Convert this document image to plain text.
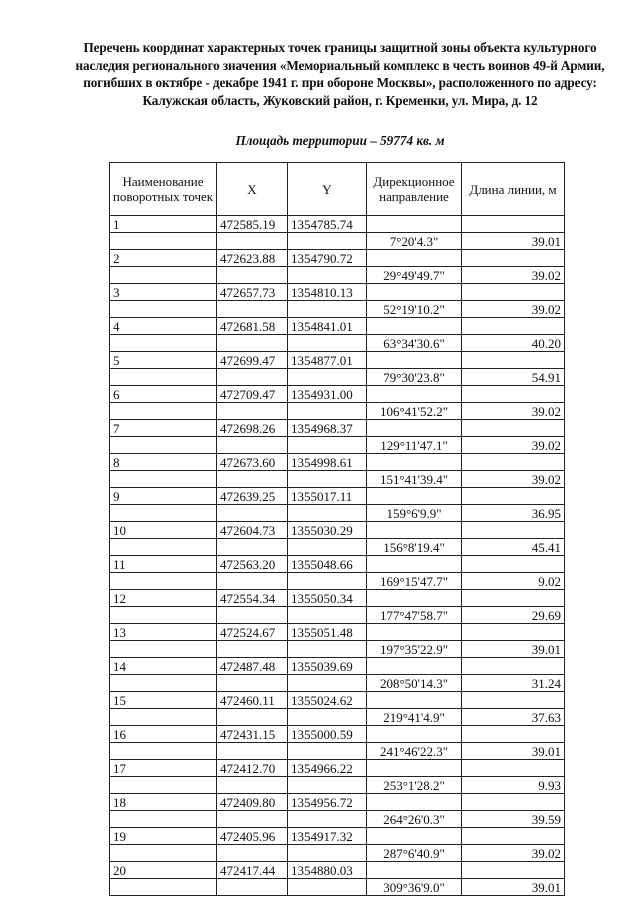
Перечень координат характерных точек границы защитной зоны объекта культурного наследия регионального значения «Мемориальный комплекс в честь воинов 49-й Армии, погибших в октябре - декабре 1941 г. при обороне Москвы», расположенного по адресу: Калужская область, Жуковский район, г. Кременки, ул. Мира, д. 12
Площадь территории – 59774 кв. м
Наименование поворотных точек	X	Y	Дирекционное направление	Длина линии, м
1	472585.19	1354785.74		
			7°20'4.3"	39.01
2	472623.88	1354790.72		
			29°49'49.7"	39.02
3	472657.73	1354810.13		
			52°19'10.2"	39.02
4	472681.58	1354841.01		
			63°34'30.6"	40.20
5	472699.47	1354877.01		
			79°30'23.8"	54.91
6	472709.47	1354931.00		
			106°41'52.2"	39.02
7	472698.26	1354968.37		
			129°11'47.1"	39.02
8	472673.60	1354998.61		
			151°41'39.4"	39.02
9	472639.25	1355017.11		
			159°6'9.9"	36.95
10	472604.73	1355030.29		
			156°8'19.4"	45.41
11	472563.20	1355048.66		
			169°15'47.7"	9.02
12	472554.34	1355050.34		
			177°47'58.7"	29.69
13	472524.67	1355051.48		
			197°35'22.9"	39.01
14	472487.48	1355039.69		
			208°50'14.3"	31.24
15	472460.11	1355024.62		
			219°41'4.9"	37.63
16	472431.15	1355000.59		
			241°46'22.3"	39.01
17	472412.70	1354966.22		
			253°1'28.2"	9.93
18	472409.80	1354956.72		
			264°26'0.3"	39.59
19	472405.96	1354917.32		
			287°6'40.9"	39.02
20	472417.44	1354880.03		
			309°36'9.0"	39.01
